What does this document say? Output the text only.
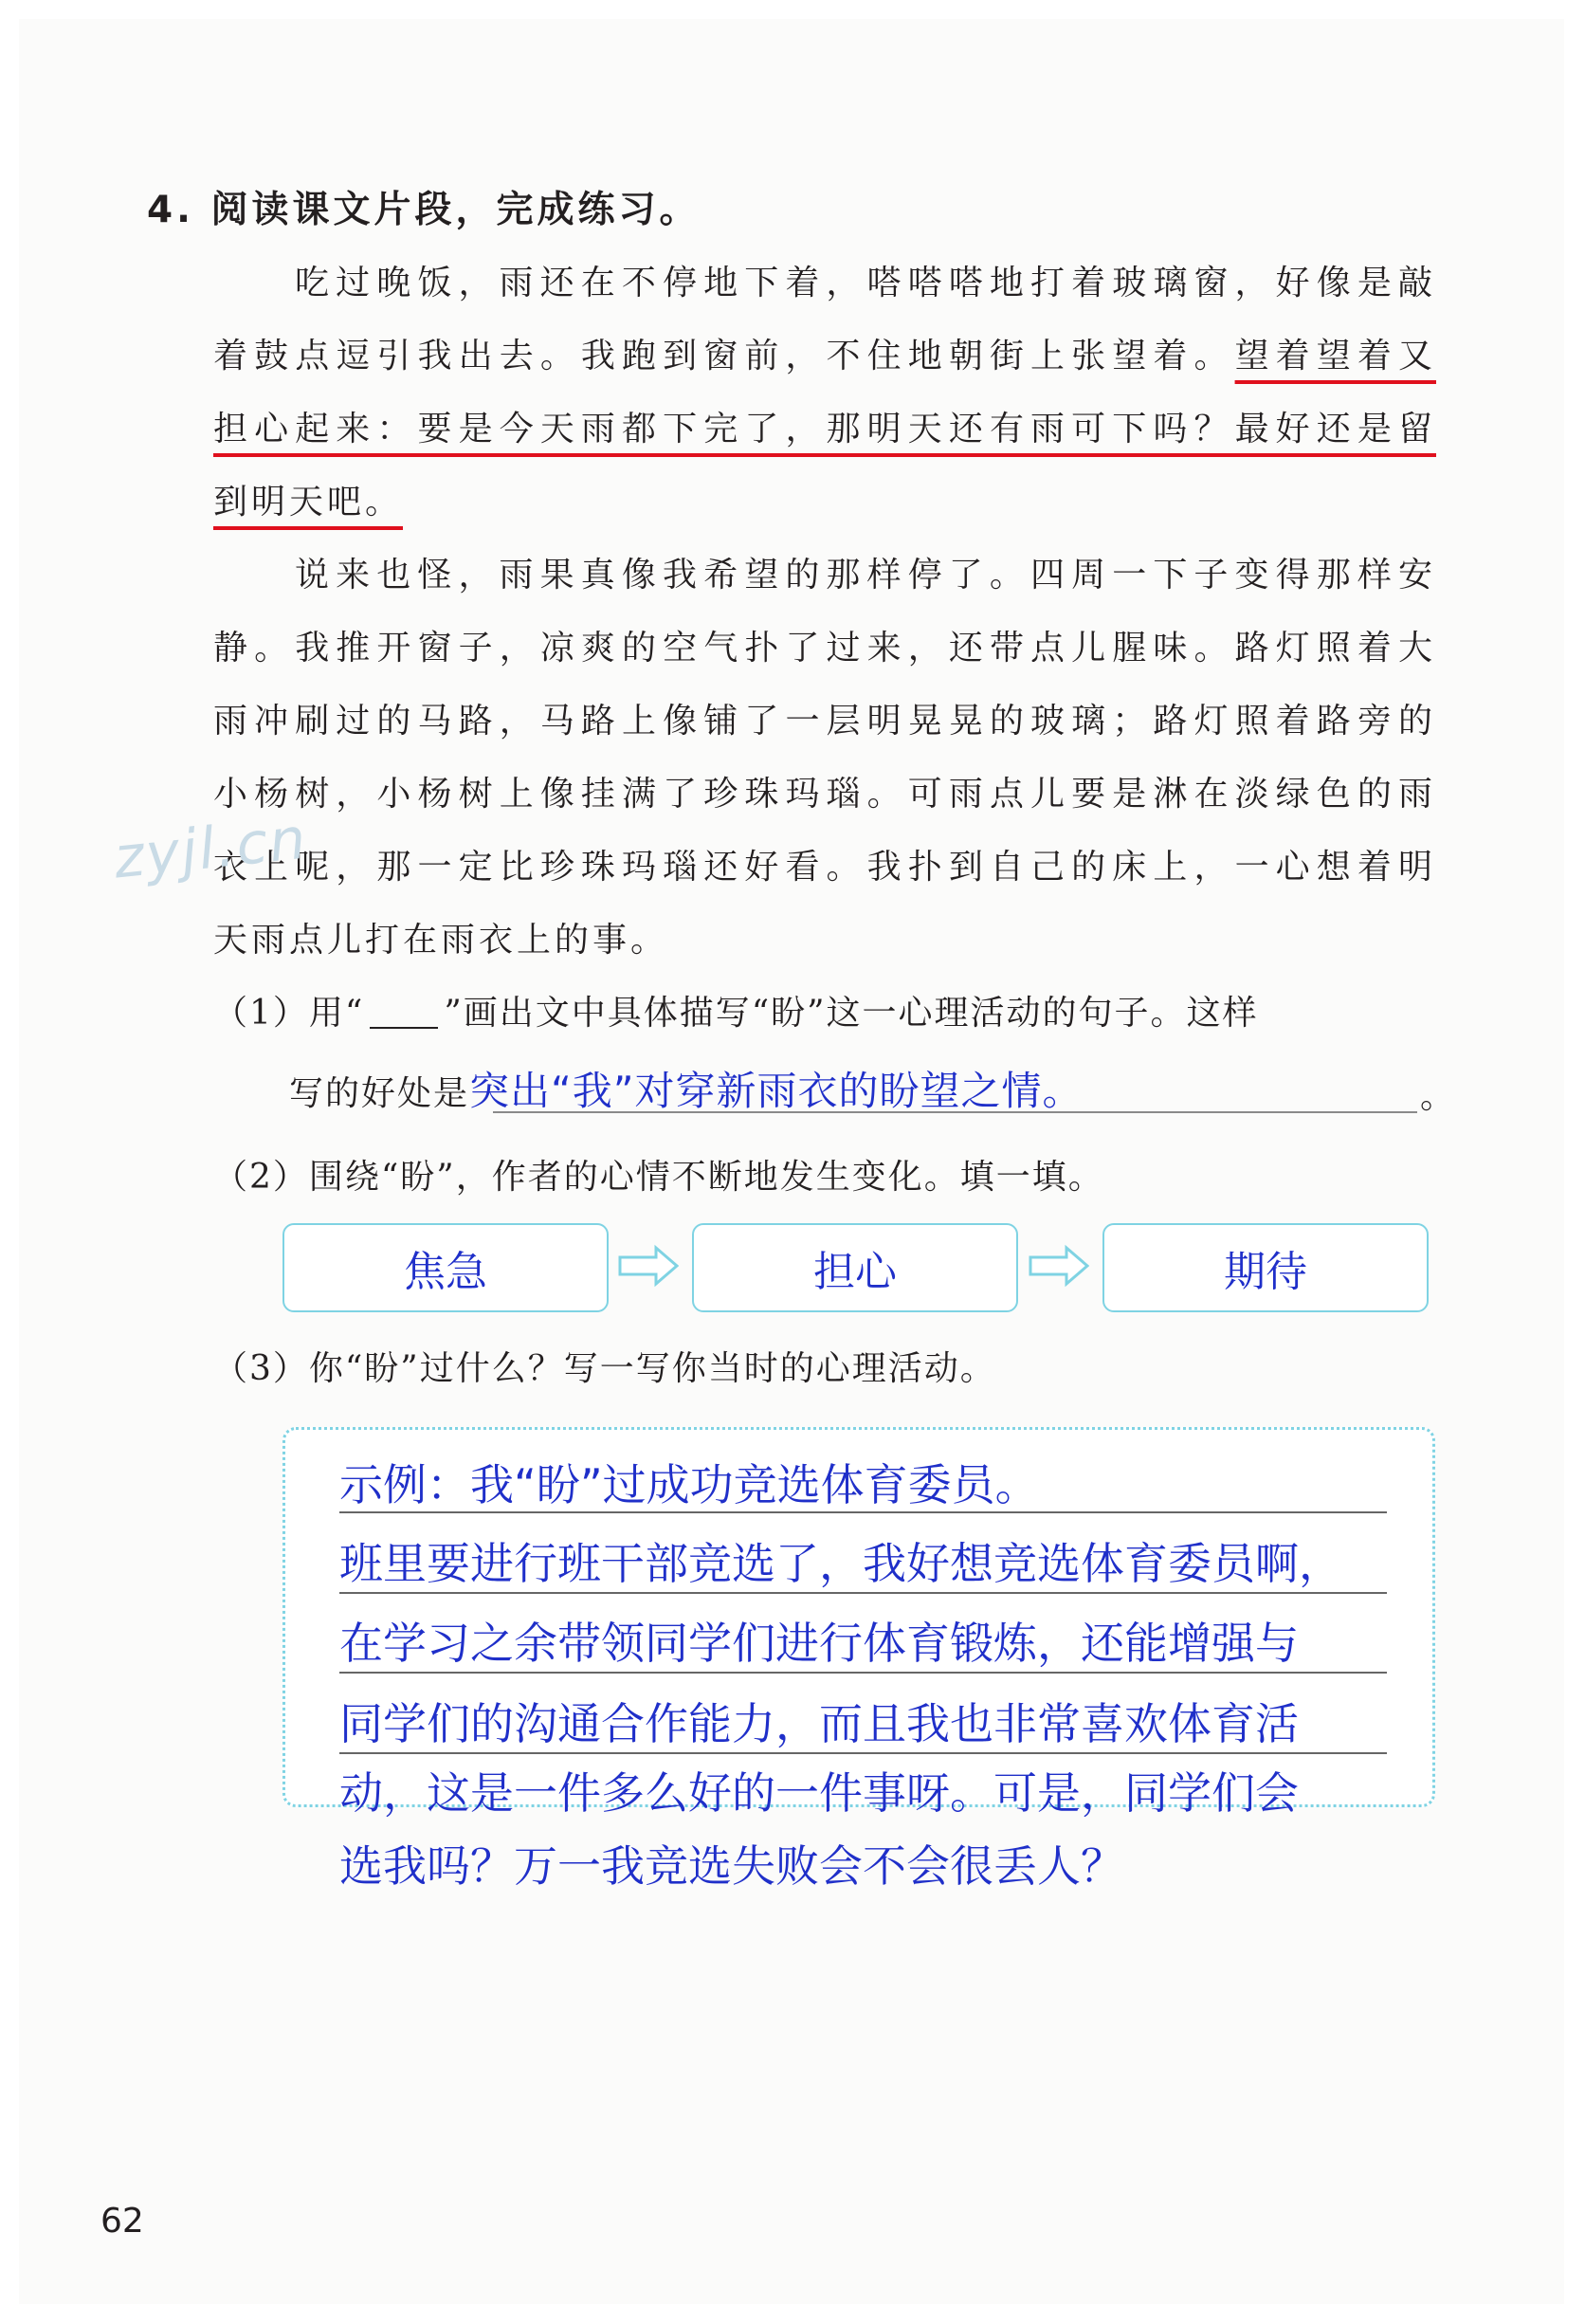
4. 阅读课文片段，完成练习。
吃过晚饭，雨还在不停地下着，嗒嗒嗒地打着玻璃窗，好像是敲
着鼓点逗引我出去。我跑到窗前，不住地朝街上张望着。望着望着又
担心起来：要是今天雨都下完了，那明天还有雨可下吗？最好还是留
到明天吧。
说来也怪，雨果真像我希望的那样停了。四周一下子变得那样安
静。我推开窗子，凉爽的空气扑了过来，还带点儿腥味。路灯照着大
雨冲刷过的马路，马路上像铺了一层明晃晃的玻璃；路灯照着路旁的
小杨树，小杨树上像挂满了珍珠玛瑙。可雨点儿要是淋在淡绿色的雨
衣上呢，那一定比珍珠玛瑙还好看。我扑到自己的床上，一心想着明
天雨点儿打在雨衣上的事。
zyjl.cn
（1）用“ ”画出文中具体描写“盼”这一心理活动的句子。这样
写的好处是突出“我”对穿新雨衣的盼望之情。	。
（2）围绕“盼”，作者的心情不断地发生变化。填一填。
焦急	担心	期待
（3）你“盼”过什么？写一写你当时的心理活动。
示例：我“盼”过成功竞选体育委员。
班里要进行班干部竞选了，我好想竞选体育委员啊，
在学习之余带领同学们进行体育锻炼，还能增强与
同学们的沟通合作能力，而且我也非常喜欢体育活
动，这是一件多么好的一件事呀。可是，同学们会
选我吗？万一我竞选失败会不会很丢人？
62
